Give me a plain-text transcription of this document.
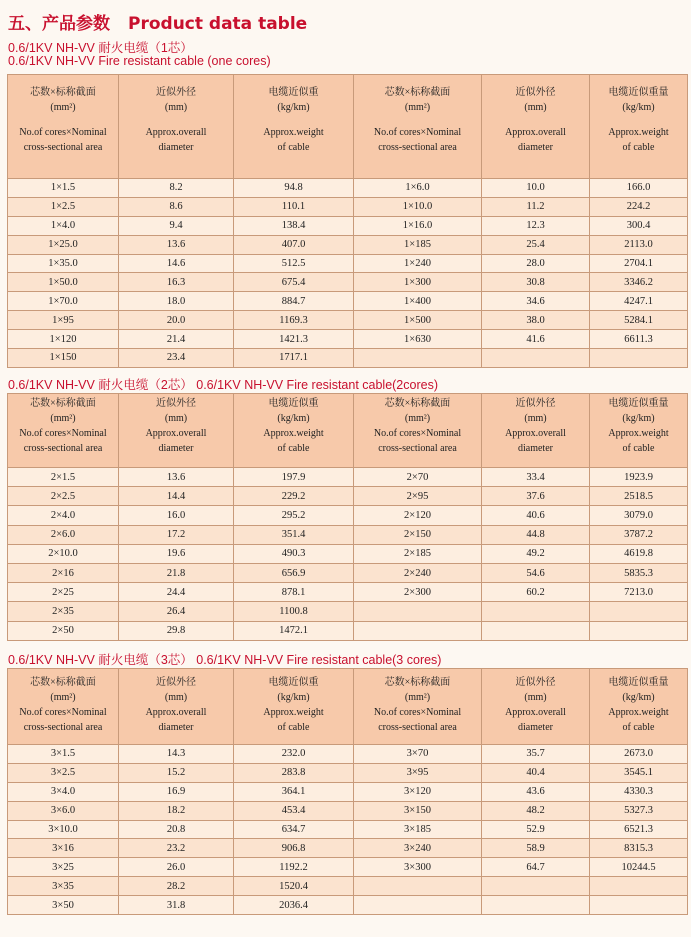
五、产品参数 Product data table
0.6/1KV NH-VV 耐火电缆（1芯）
0.6/1KV NH-VV Fire resistant cable (one cores)
芯数×标称截面
(mm²)
No.of cores×Nominal
cross-sectional area	近似外径
(mm)
Approx.overall
diameter	电缆近似重
(kg/km)
Approx.weight
of cable	芯数×标称截面
(mm²)
No.of cores×Nominal
cross-sectional area	近似外径
(mm)
Approx.overall
diameter	电缆近似重量
(kg/km)
Approx.weight
of cable

1×1.5	8.2	94.8	1×6.0	10.0	166.0
1×2.5	8.6	110.1	1×10.0	11.2	224.2
1×4.0	9.4	138.4	1×16.0	12.3	300.4
1×25.0	13.6	407.0	1×185	25.4	2113.0
1×35.0	14.6	512.5	1×240	28.0	2704.1
1×50.0	16.3	675.4	1×300	30.8	3346.2
1×70.0	18.0	884.7	1×400	34.6	4247.1
1×95	20.0	1169.3	1×500	38.0	5284.1
1×120	21.4	1421.3	1×630	41.6	6611.3
1×150	23.4	1717.1			
0.6/1KV NH-VV 耐火电缆（2芯） 0.6/1KV NH-VV Fire resistant cable(2cores)
芯数×标称截面
(mm²)
No.of cores×Nominal
cross-sectional area	近似外径
(mm)
Approx.overall
diameter	电缆近似重
(kg/km)
Approx.weight
of cable	芯数×标称截面
(mm²)
No.of cores×Nominal
cross-sectional area	近似外径
(mm)
Approx.overall
diameter	电缆近似重量
(kg/km)
Approx.weight
of cable

2×1.5	13.6	197.9	2×70	33.4	1923.9
2×2.5	14.4	229.2	2×95	37.6	2518.5
2×4.0	16.0	295.2	2×120	40.6	3079.0
2×6.0	17.2	351.4	2×150	44.8	3787.2
2×10.0	19.6	490.3	2×185	49.2	4619.8
2×16	21.8	656.9	2×240	54.6	5835.3
2×25	24.4	878.1	2×300	60.2	7213.0
2×35	26.4	1100.8			
2×50	29.8	1472.1			
0.6/1KV NH-VV 耐火电缆（3芯） 0.6/1KV NH-VV Fire resistant cable(3 cores)
芯数×标称截面
(mm²)
No.of cores×Nominal
cross-sectional area	近似外径
(mm)
Approx.overall
diameter	电缆近似重
(kg/km)
Approx.weight
of cable	芯数×标称截面
(mm²)
No.of cores×Nominal
cross-sectional area	近似外径
(mm)
Approx.overall
diameter	电缆近似重量
(kg/km)
Approx.weight
of cable

3×1.5	14.3	232.0	3×70	35.7	2673.0
3×2.5	15.2	283.8	3×95	40.4	3545.1
3×4.0	16.9	364.1	3×120	43.6	4330.3
3×6.0	18.2	453.4	3×150	48.2	5327.3
3×10.0	20.8	634.7	3×185	52.9	6521.3
3×16	23.2	906.8	3×240	58.9	8315.3
3×25	26.0	1192.2	3×300	64.7	10244.5
3×35	28.2	1520.4			
3×50	31.8	2036.4			
